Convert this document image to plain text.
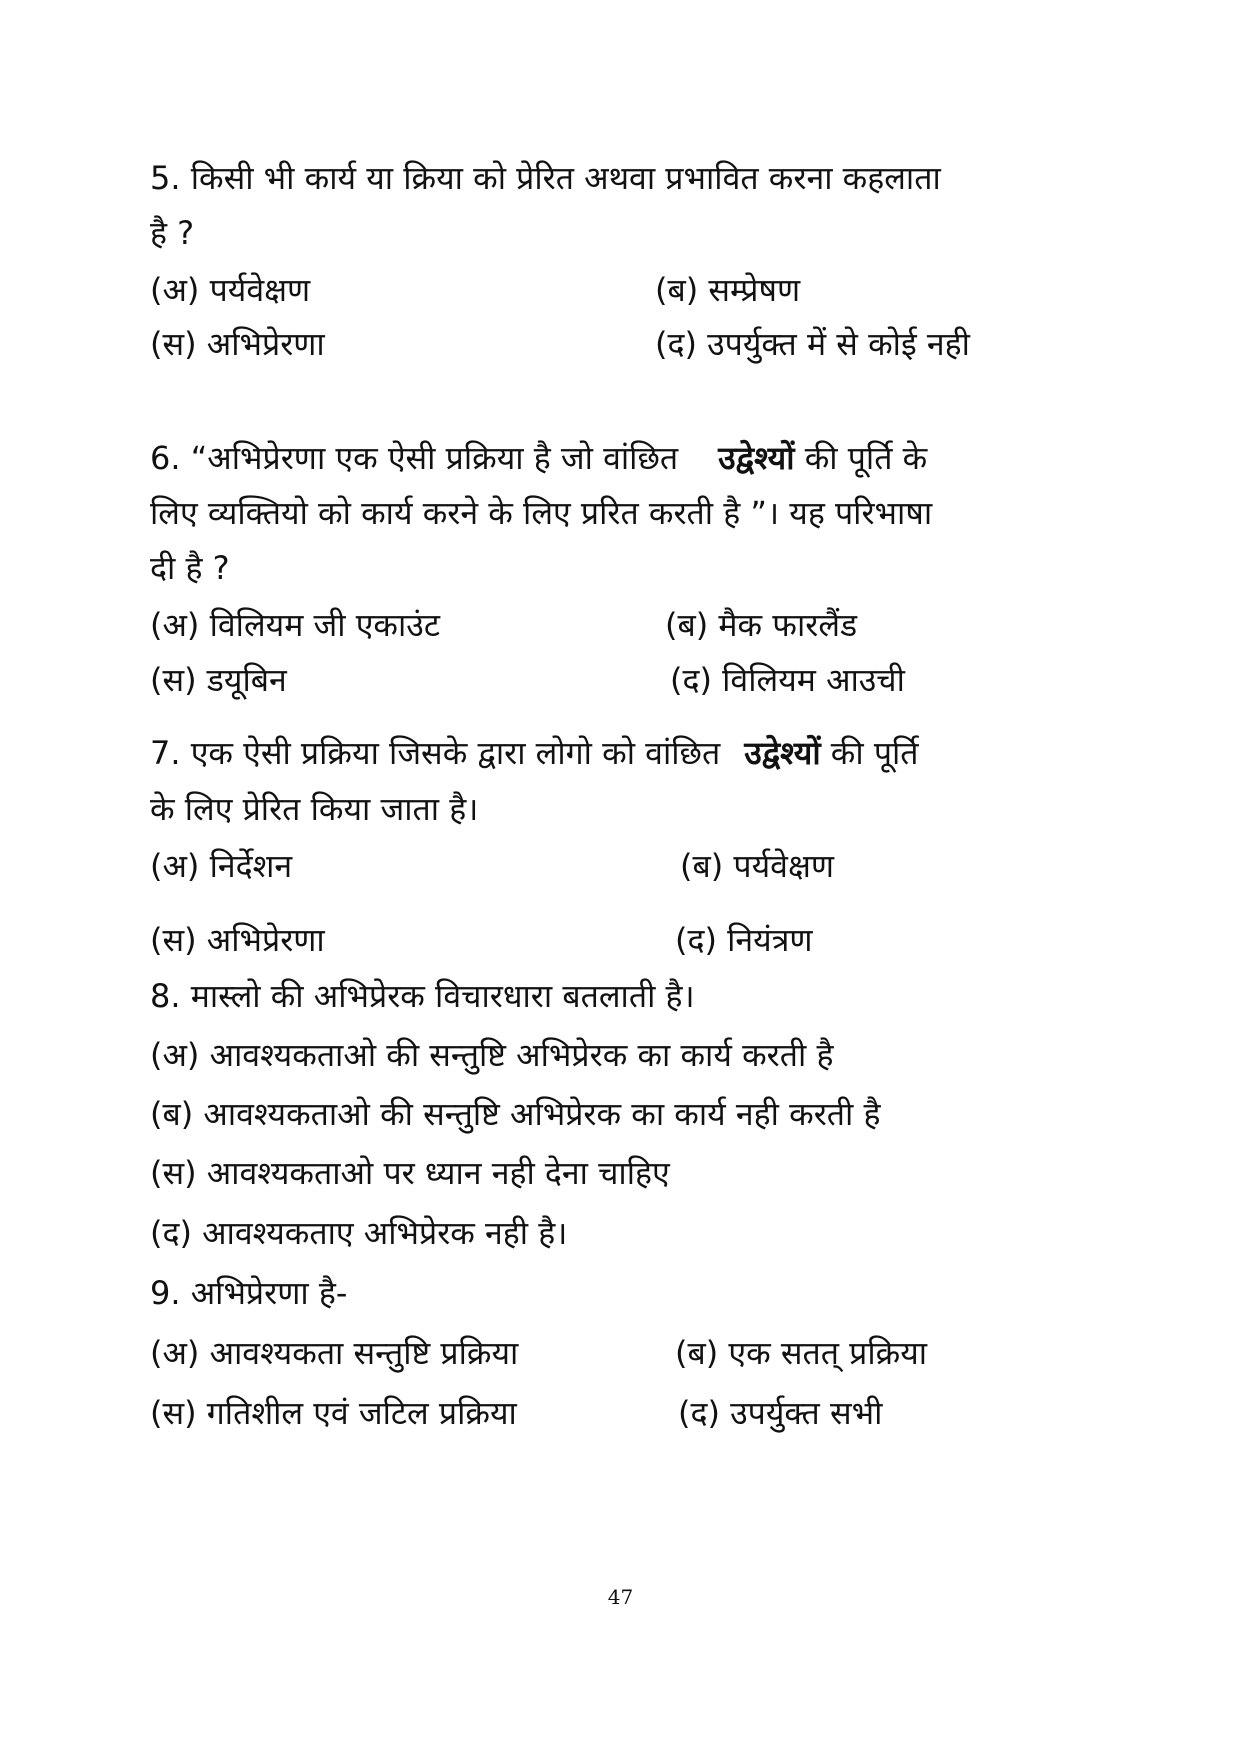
5. किसी भी कार्य या क्रिया को प्रेरित अथवा प्रभावित करना कहलाता
है ?
(अ) पर्यवेक्षण	(ब) सम्प्रेषण
(स) अभिप्रेरणा	(द) उपर्युक्त में से कोई नही
6. “अभिप्रेरणा एक ऐसी प्रक्रिया है जो वांछित उद्वेश्यों की पूर्ति के
लिए व्यक्तियो को कार्य करने के लिए प्ररित करती है ”। यह परिभाषा
दी है ?
(अ) विलियम जी एकाउंट	(ब) मैक फारलैंड
(स) डयूबिन	(द) विलियम आउची
7. एक ऐसी प्रक्रिया जिसके द्वारा लोगो को वांछित उद्वेश्यों की पूर्ति
के लिए प्रेरित किया जाता है।
(अ) निर्देशन	(ब) पर्यवेक्षण
(स) अभिप्रेरणा	(द) नियंत्रण
8. मास्लो की अभिप्रेरक विचारधारा बतलाती है।
(अ) आवश्यकताओ की सन्तुष्टि अभिप्रेरक का कार्य करती है
(ब) आवश्यकताओ की सन्तुष्टि अभिप्रेरक का कार्य नही करती है
(स) आवश्यकताओ पर ध्यान नही देना चाहिए
(द) आवश्यकताए अभिप्रेरक नही है।
9. अभिप्रेरणा है-
(अ) आवश्यकता सन्तुष्टि प्रक्रिया	(ब) एक सतत् प्रक्रिया
(स) गतिशील एवं जटिल प्रक्रिया	(द) उपर्युक्त सभी
47
